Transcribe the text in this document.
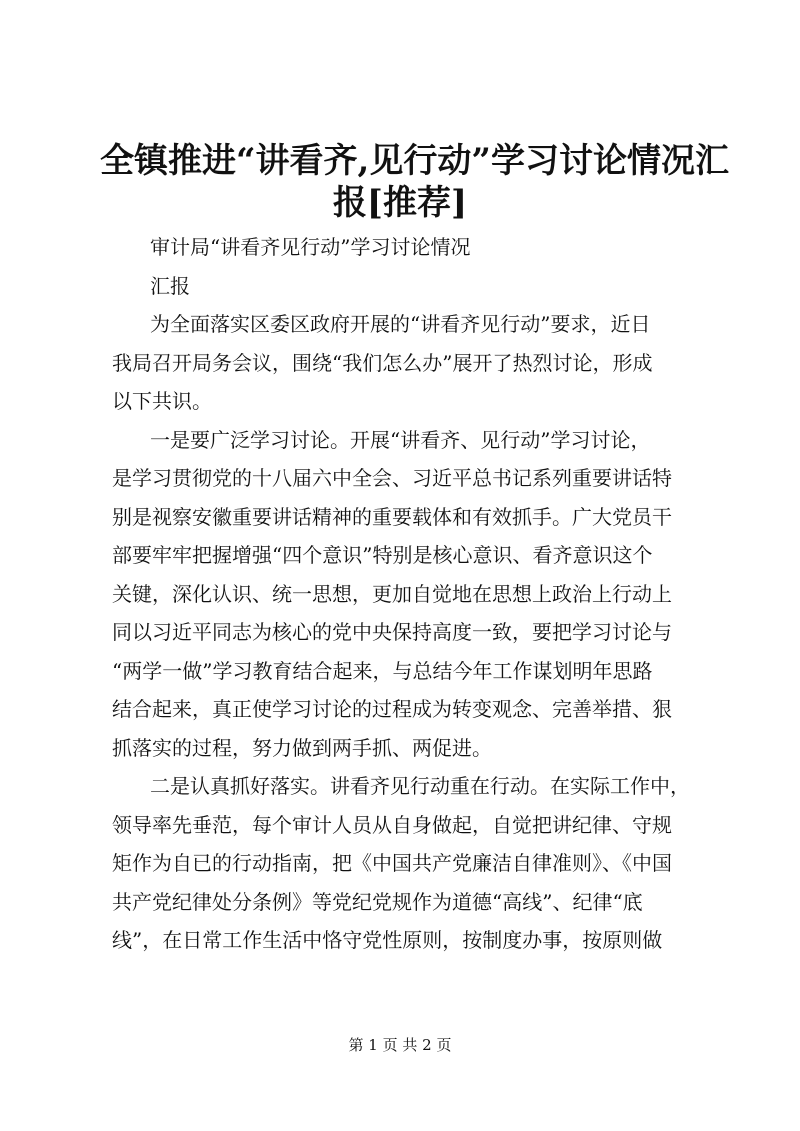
全镇推进“讲看齐,见行动”学习讨论情况汇
报[推荐]
审计局“讲看齐见行动”学习讨论情况
汇报
为全面落实区委区政府开展的“讲看齐见行动”要求，近日
我局召开局务会议，围绕“我们怎么办”展开了热烈讨论，形成
以下共识。
一是要广泛学习讨论。开展“讲看齐、见行动”学习讨论，
是学习贯彻党的十八届六中全会、习近平总书记系列重要讲话特
别是视察安徽重要讲话精神的重要载体和有效抓手。广大党员干
部要牢牢把握增强“四个意识”特别是核心意识、看齐意识这个
关键，深化认识、统一思想，更加自觉地在思想上政治上行动上
同以习近平同志为核心的党中央保持高度一致，要把学习讨论与
“两学一做”学习教育结合起来，与总结今年工作谋划明年思路
结合起来，真正使学习讨论的过程成为转变观念、完善举措、狠
抓落实的过程，努力做到两手抓、两促进。
二是认真抓好落实。讲看齐见行动重在行动。在实际工作中，
领导率先垂范，每个审计人员从自身做起，自觉把讲纪律、守规
矩作为自已的行动指南，把《中国共产党廉洁自律准则》、《中国
共产党纪律处分条例》等党纪党规作为道德“高线”、纪律“底
线”，在日常工作生活中恪守党性原则，按制度办事，按原则做
第 1 页 共 2 页
